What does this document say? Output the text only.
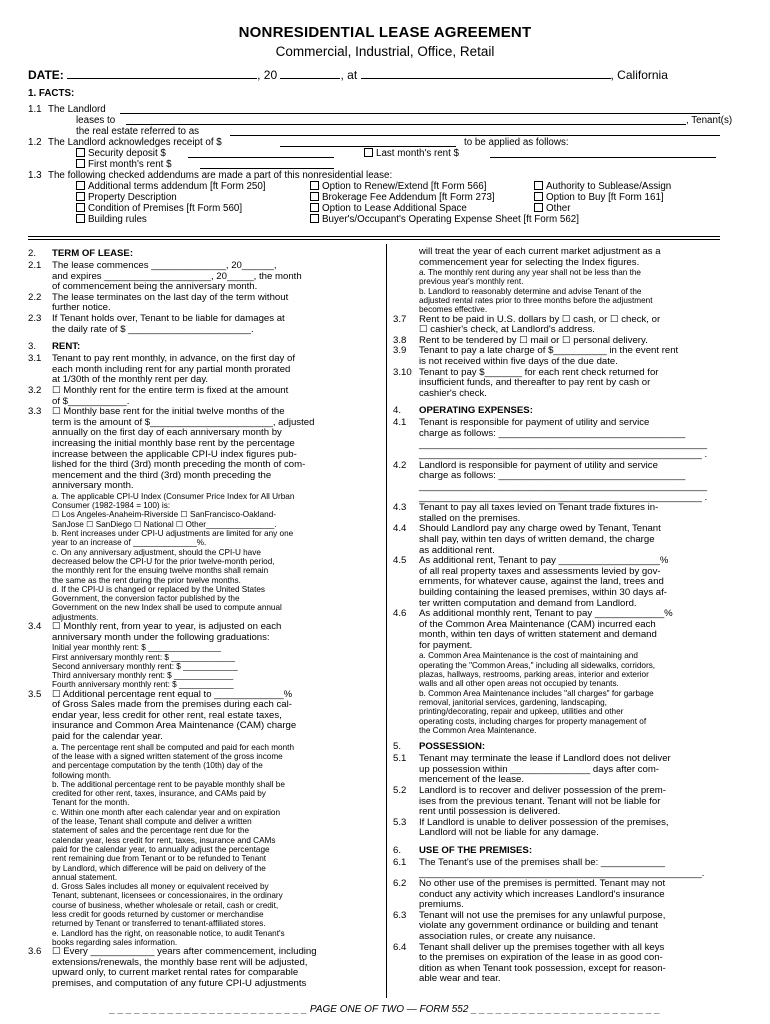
NONRESIDENTIAL LEASE AGREEMENT
Commercial, Industrial, Office, Retail
DATE:	, 20	, at	, California
1. FACTS:
1.1 The Landlord
leases to	, Tenant(s)
the real estate referred to as
1.2 The Landlord acknowledges receipt of $	to be applied as follows:
Security deposit $	Last month's rent $
First month's rent $
1.3 The following checked addendums are made a part of this nonresidential lease:
Additional terms addendum [ft Form 250]	Option to Renew/Extend [ft Form 566]	Authority to Sublease/Assign
Property Description	Brokerage Fee Addendum [ft Form 273]	Option to Buy [ft Form 161]
Condition of Premises [ft Form 560]	Option to Lease Additional Space	Other
Building rules	Buyer's/Occupant's Operating Expense Sheet [ft Form 562]
2. TERM OF LEASE:
2.1 The lease commences ______________, 20______,
and expires ____________________, 20_____, the month
of commencement being the anniversary month.
2.2 The lease terminates on the last day of the term without
further notice.
2.3 If Tenant holds over, Tenant to be liable for damages at
the daily rate of $ _______________________.
3. RENT:
3.1 Tenant to pay rent monthly, in advance, on the first day of
each month including rent for any partial month prorated
at 1/30th of the monthly rent per day.
3.2 ☐ Monthly rent for the entire term is fixed at the amount
of $___________.
3.3 ☐ Monthly base rent for the initial twelve months of the
term is the amount of $_______________________, adjusted
annually on the first day of each anniversary month by
increasing the initial monthly base rent by the percentage
increase between the applicable CPI-U index figures pub-
lished for the third (3rd) month preceding the month of com-
mencement and the third (3rd) month preceding the
anniversary month.
a. The applicable CPI-U Index (Consumer Price Index for All Urban
Consumer (1982-1984 = 100) is:
☐ Los Angeles-Anaheim-Riverside ☐ SanFrancisco-Oakland-
SanJose ☐ SanDiego ☐ National ☐ Other_______________.
b. Rent increases under CPI-U adjustments are limited for any one
year to an increase of ______________%.
c. On any anniversary adjustment, should the CPI-U have
decreased below the CPI-U for the prior twelve-month period,
the monthly rent for the ensuing twelve months shall remain
the same as the rent during the prior twelve months.
d. If the CPI-U is changed or replaced by the United States
Government, the conversion factor published by the
Government on the new Index shall be used to compute annual
adjustments.
3.4 ☐ Monthly rent, from year to year, is adjusted on each
anniversary month under the following graduations:
Initial year monthly rent: $ ________________
First anniversary monthly rent: $ ______________
Second anniversary monthly rent: $ ____________
Third anniversary monthly rent: $ _____________
Fourth anniversary monthly rent: $ ____________
3.5 ☐ Additional percentage rent equal to _____________%
of Gross Sales made from the premises during each cal-
endar year, less credit for other rent, real estate taxes,
insurance and Common Area Maintenance (CAM) charge
paid for the calendar year.
a. The percentage rent shall be computed and paid for each month
of the lease with a signed written statement of the gross income
and percentage computation by the tenth (10th) day of the
following month.
b. The additional percentage rent to be payable monthly shall be
credited for other rent, taxes, insurance, and CAMs paid by
Tenant for the month.
c. Within one month after each calendar year and on expiration
of the lease, Tenant shall compute and deliver a written
statement of sales and the percentage rent due for the
calendar year, less credit for rent, taxes, insurance and CAMs
paid for the calendar year, to annually adjust the percentage
rent remaining due from Tenant or to be refunded to Tenant
by Landlord, which difference will be paid on delivery of the
annual statement.
d. Gross Sales includes all money or equivalent received by
Tenant, subtenant, licensees or concessionaires, in the ordinary
course of business, whether wholesale or retail, cash or credit,
less credit for goods returned by customer or merchandise
returned by Tenant or transferred to tenant-affiliated stores.
e. Landlord has the right, on reasonable notice, to audit Tenant's
books regarding sales information.
3.6 ☐ Every ____________ years after commencement, including
extensions/renewals, the monthly base rent will be adjusted,
upward only, to current market rental rates for comparable
premises, and computation of any future CPI-U adjustments
will treat the year of each current market adjustment as a
commencement year for selecting the Index figures.
a. The monthly rent during any year shall not be less than the
previous year's monthly rent.
b. Landlord to reasonably determine and advise Tenant of the
adjusted rental rates prior to three months before the adjustment
becomes effective.
3.7 Rent to be paid in U.S. dollars by ☐ cash, or ☐ check, or
☐ cashier's check, at Landlord's address.
3.8 Rent to be tendered by ☐ mail or ☐ personal delivery.
3.9 Tenant to pay a late charge of $__________ in the event rent
is not received within five days of the due date.
3.10 Tenant to pay $_______ for each rent check returned for
insufficient funds, and thereafter to pay rent by cash or
cashier's check.
4. OPERATING EXPENSES:
4.1 Tenant is responsible for payment of utility and service
charge as follows: ___________________________________
______________________________________________________
_____________________________________________________ .
4.2 Landlord is responsible for payment of utility and service
charge as follows: ___________________________________
______________________________________________________
_____________________________________________________ .
4.3 Tenant to pay all taxes levied on Tenant trade fixtures in-
stalled on the premises.
4.4 Should Landlord pay any charge owed by Tenant, Tenant
shall pay, within ten days of written demand, the charge
as additional rent.
4.5 As additional rent, Tenant to pay ___________________%
of all real property taxes and assessments levied by gov-
ernments, for whatever cause, against the land, trees and
building containing the leased premises, within 30 days af-
ter written computation and demand from Landlord.
4.6 As additional monthly rent, Tenant to pay _____________%
of the Common Area Maintenance (CAM) incurred each
month, within ten days of written statement and demand
for payment.
a. Common Area Maintenance is the cost of maintaining and
operating the "Common Areas," including all sidewalks, corridors,
plazas, hallways, restrooms, parking areas, interior and exterior
walls and all other open areas not occupied by tenants.
b. Common Area Maintenance includes "all charges" for garbage
removal, janitorial services, gardening, landscaping,
printing/decorating, repair and upkeep, utilities and other
operating costs, including charges for property management of
the Common Area Maintenance.
5. POSSESSION:
5.1 Tenant may terminate the lease if Landlord does not deliver
up possession within _______________ days after com-
mencement of the lease.
5.2 Landlord is to recover and deliver possession of the prem-
ises from the previous tenant. Tenant will not be liable for
rent until possession is delivered.
5.3 If Landlord is unable to deliver possession of the premises,
Landlord will not be liable for any damage.
6. USE OF THE PREMISES:
6.1 The Tenant's use of the premises shall be: ____________
_____________________________________________________.
6.2 No other use of the premises is permitted. Tenant may not
conduct any activity which increases Landlord's insurance
premiums.
6.3 Tenant will not use the premises for any unlawful purpose,
violate any government ordinance or building and tenant
association rules, or create any nuisance.
6.4 Tenant shall deliver up the premises together with all keys
to the premises on expiration of the lease in as good con-
dition as when Tenant took possession, except for reason-
able wear and tear.
_ _ _ _ _ _ _ _ _ _ _ _ _ _ _ _ _ _ _ _ _ _ _ _ PAGE ONE OF TWO — FORM 552 _ _ _ _ _ _ _ _ _ _ _ _ _ _ _ _ _ _ _ _ _ _ _
